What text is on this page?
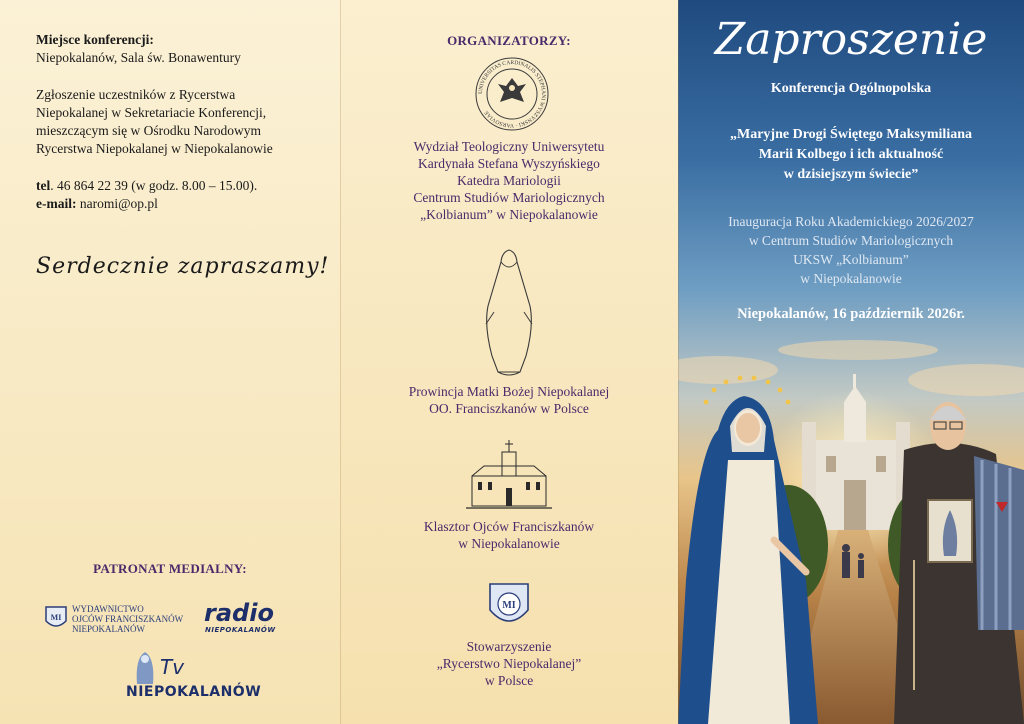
Miejsce konferencji:
Niepokalanów, Sala św. Bonawentury
Zgłoszenie uczestników z Rycerstwa
Niepokalanej w Sekretariacie Konferencji,
mieszczącym się w Ośrodku Narodowym
Rycerstwa Niepokalanej w Niepokalanowie
tel. 46 864 22 39 (w godz. 8.00 – 15.00).
e-mail: naromi@op.pl
Serdecznie zapraszamy!
PATRONAT MEDIALNY:
MI
WYDAWNICTWO
OJCÓW FRANCISZKANÓW
NIEPOKALANÓW
radio
NIEPOKALANÓW
Tv
NIEPOKALANÓW
ORGANIZATORZY:
UNIVERSITAS CARDINALIS STEPHANI WYSZYNSKI · VARSOVIAE
Wydział Teologiczny Uniwersytetu
Kardynała Stefana Wyszyńskiego
Katedra Mariologii
Centrum Studiów Mariologicznych
„Kolbianum” w Niepokalanowie
Prowincja Matki Bożej Niepokalanej
OO. Franciszkanów w Polsce
Klasztor Ojców Franciszkanów
w Niepokalanowie
MI
Stowarzyszenie
„Rycerstwo Niepokalanej”
w Polsce
Zaproszenie
Konferencja Ogólnopolska
„Maryjne Drogi Świętego Maksymiliana
Marii Kolbego i ich aktualność
w dzisiejszym świecie”
Inauguracja Roku Akademickiego 2026/2027
w Centrum Studiów Mariologicznych
UKSW „Kolbianum”
w Niepokalanowie
Niepokalanów, 16 październik 2026r.
